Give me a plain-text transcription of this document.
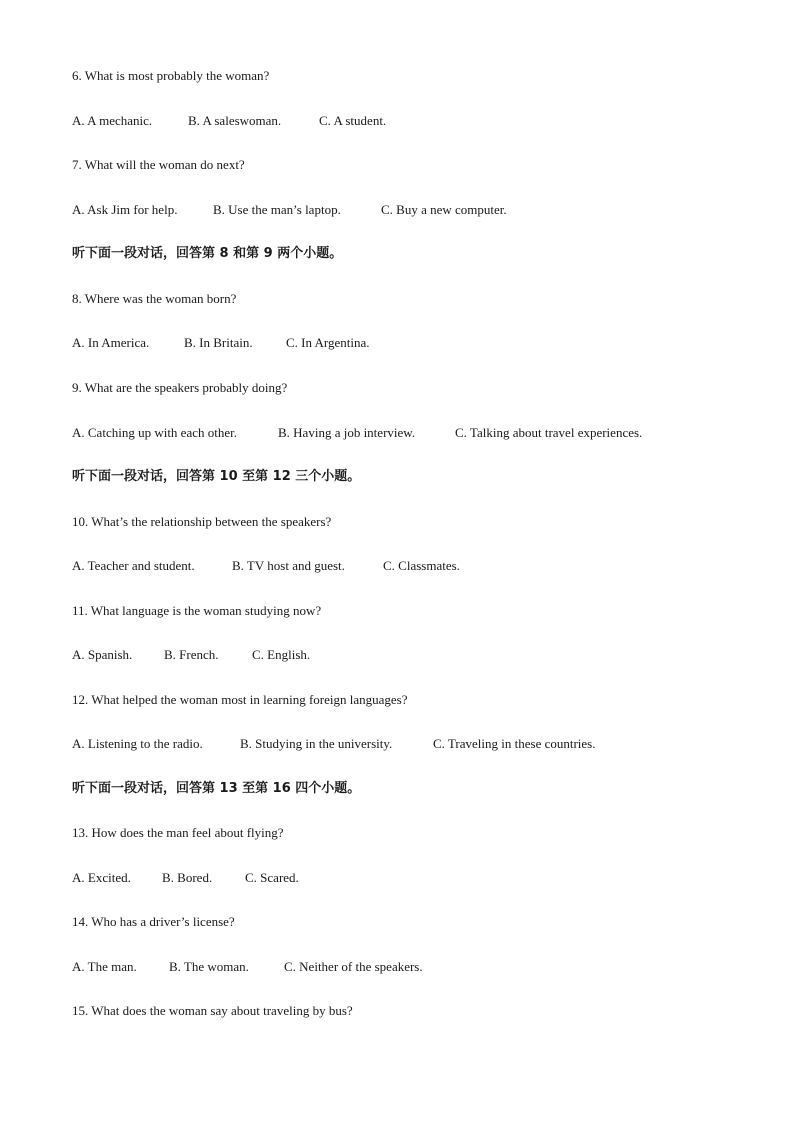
6. What is most probably the woman?
A. A mechanic.	B. A saleswoman.	C. A student.
7. What will the woman do next?
A. Ask Jim for help.	B. Use the man’s laptop.	C. Buy a new computer.
听下面一段对话，回答第 8 和第 9 两个小题。
8. Where was the woman born?
A. In America.	B. In Britain.	C. In Argentina.
9. What are the speakers probably doing?
A. Catching up with each other.	B. Having a job interview.	C. Talking about travel experiences.
听下面一段对话，回答第 10 至第 12 三个小题。
10. What’s the relationship between the speakers?
A. Teacher and student.	B. TV host and guest.	C. Classmates.
11. What language is the woman studying now?
A. Spanish. B. French.	C. English.
12. What helped the woman most in learning foreign languages?
A. Listening to the radio.	B. Studying in the university.	C. Traveling in these countries.
听下面一段对话，回答第 13 至第 16 四个小题。
13. How does the man feel about flying?
A. Excited. B. Bored.	C. Scared.
14. Who has a driver’s license?
A. The man. B. The woman.	C. Neither of the speakers.
15. What does the woman say about traveling by bus?
